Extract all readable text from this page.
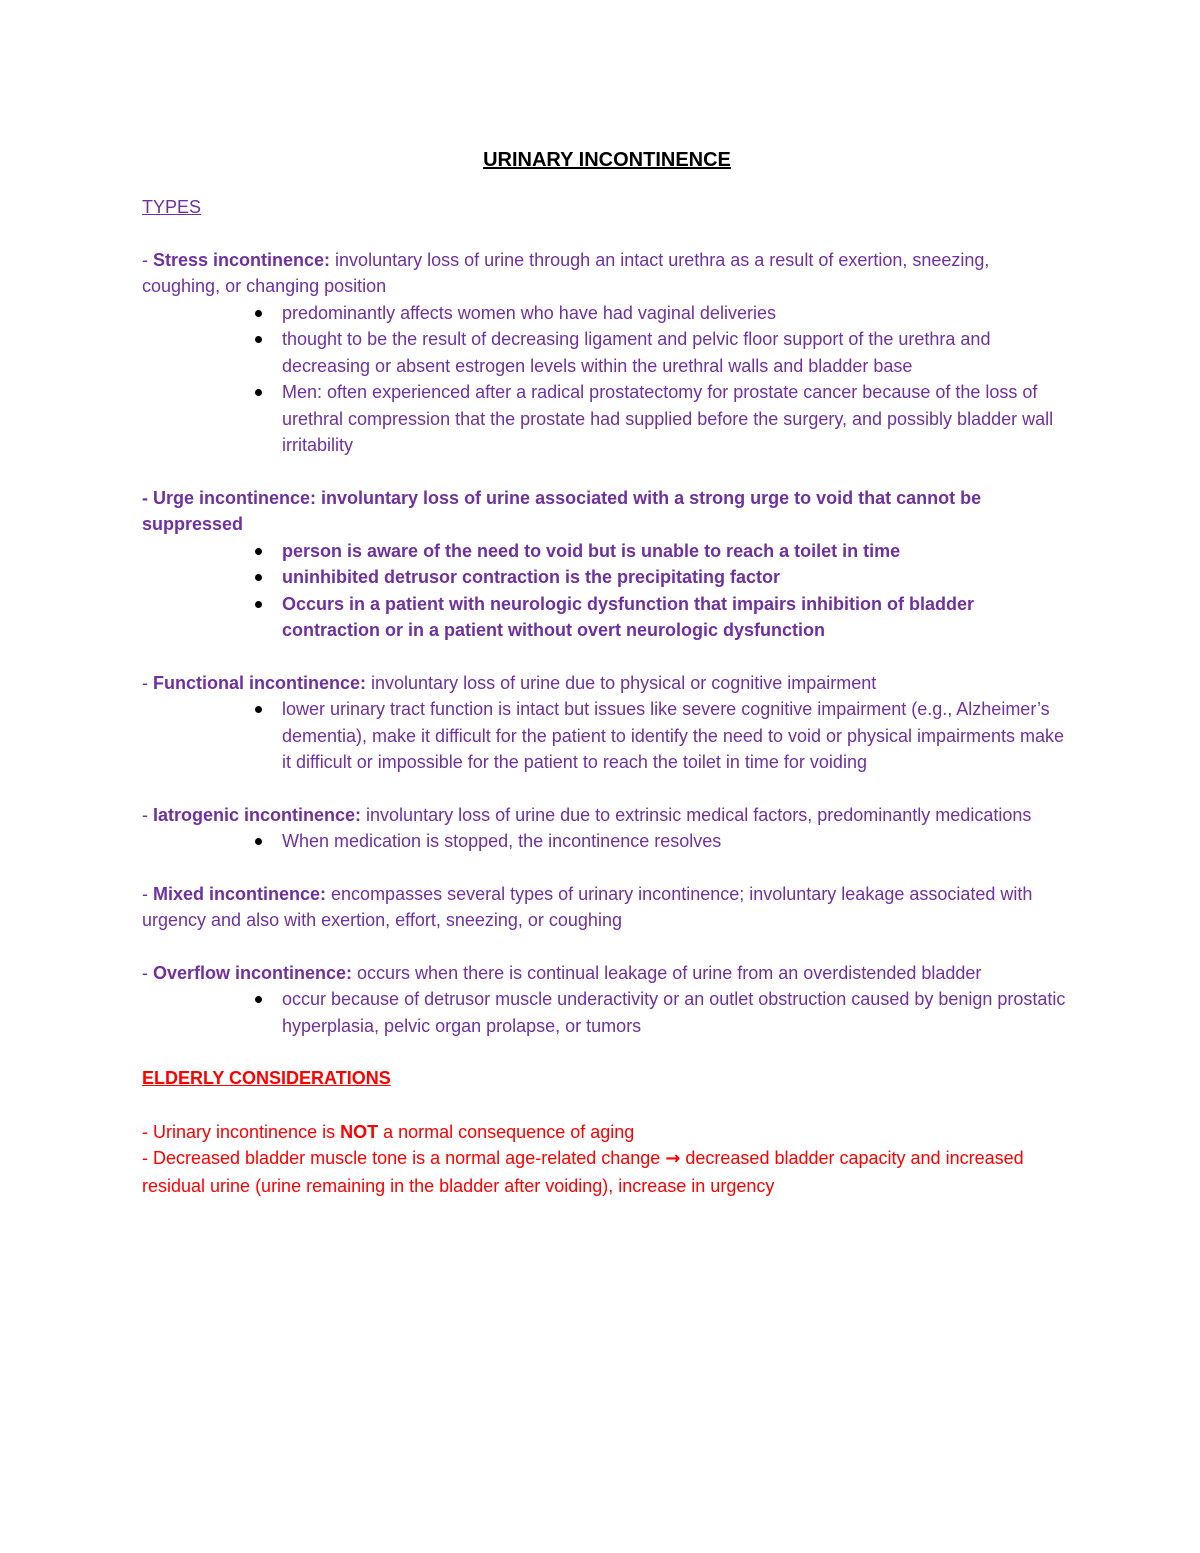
URINARY INCONTINENCE
TYPES

- Stress incontinence: involuntary loss of urine through an intact urethra as a result of exertion, sneezing, coughing, or changing position

predominantly affects women who have had vaginal deliveries
thought to be the result of decreasing ligament and pelvic floor support of the urethra and decreasing or absent estrogen levels within the urethral walls and bladder base
Men: often experienced after a radical prostatectomy for prostate cancer because of the loss of urethral compression that the prostate had supplied before the surgery, and possibly bladder wall irritability

- Urge incontinence: involuntary loss of urine associated with a strong urge to void that cannot be suppressed

person is aware of the need to void but is unable to reach a toilet in time
uninhibited detrusor contraction is the precipitating factor
Occurs in a patient with neurologic dysfunction that impairs inhibition of bladder contraction or in a patient without overt neurologic dysfunction

- Functional incontinence: involuntary loss of urine due to physical or cognitive impairment

lower urinary tract function is intact but issues like severe cognitive impairment (e.g., Alzheimer’s dementia), make it difficult for the patient to identify the need to void or physical impairments make it difficult or impossible for the patient to reach the toilet in time for voiding

- Iatrogenic incontinence: involuntary loss of urine due to extrinsic medical factors, predominantly medications

When medication is stopped, the incontinence resolves

- Mixed incontinence: encompasses several types of urinary incontinence; involuntary leakage associated with urgency and also with exertion, effort, sneezing, or coughing

- Overflow incontinence: occurs when there is continual leakage of urine from an overdistended bladder

occur because of detrusor muscle underactivity or an outlet obstruction caused by benign prostatic hyperplasia, pelvic organ prolapse, or tumors
ELDERLY CONSIDERATIONS

- Urinary incontinence is NOT a normal consequence of aging

- Decreased bladder muscle tone is a normal age-related change → decreased bladder capacity and increased residual urine (urine remaining in the bladder after voiding), increase in urgency
